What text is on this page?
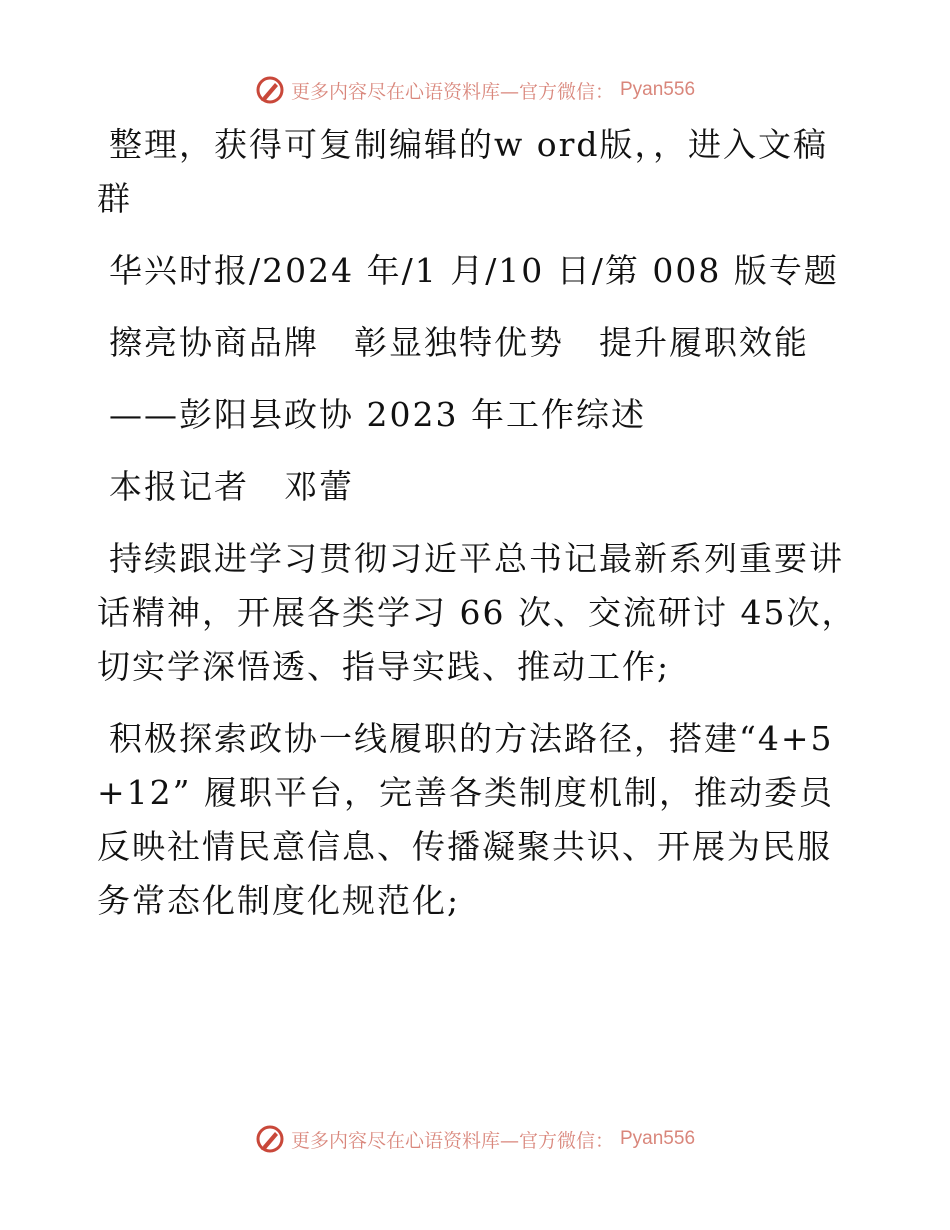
更多内容尽在心语资料库—官方微信： Pyan556

整理，获得可复制编辑的w ord版，，进入文稿群

华兴时报/2024 年/1 月/10 日/第 008 版专题

擦亮协商品牌　彰显独特优势　提升履职效能

——彭阳县政协 2023 年工作综述

本报记者　邓蕾

持续跟进学习贯彻习近平总书记最新系列重要讲话精神，开展各类学习 66 次、交流研讨 45次，切实学深悟透、指导实践、推动工作;

积极探索政协一线履职的方法路径，搭建“4+5+12” 履职平台，完善各类制度机制，推动委员反映社情民意信息、传播凝聚共识、开展为民服务常态化制度化规范化;

更多内容尽在心语资料库—官方微信： Pyan556
